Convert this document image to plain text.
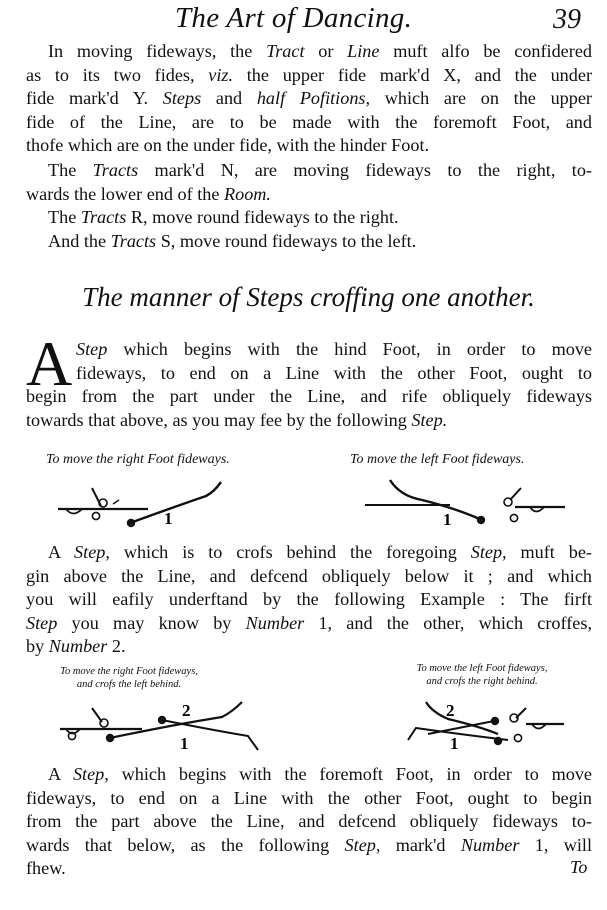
The Art of Dancing.	39

In moving fideways, the Tract or Line muft alfo be confidered
as to its two fides, viz. the upper fide mark'd X, and the under
fide mark'd Y. Steps and half Pofitions, which are on the upper
fide of the Line, are to be made with the foremoft Foot, and
thofe which are on the under fide, with the hinder Foot.

The Tracts mark'd N, are moving fideways to the right, to-
wards the lower end of the Room.

The Tracts R, move round fideways to the right.

And the Tracts S, move round fideways to the left.

The manner of Steps croffing one another.
A Step which begins with the hind Foot, in order to move
fideways, to end on a Line with the other Foot, ought to
begin from the part under the Line, and rife obliquely fideways
towards that above, as you may fee by the following Step.

To move the right Foot fideways.	To move the left Foot fideways.
1	1

A Step, which is to crofs behind the foregoing Step, muft be-
gin above the Line, and defcend obliquely below it ; and which
you will eafily underftand by the following Example : The firft
Step you may know by Number 1, and the other, which croffes,
by Number 2.

To move the right Foot fideways,
and crofs the left behind.
To move the left Foot fideways,
and crofs the right behind.
2
1
2
1

A Step, which begins with the foremoft Foot, in order to move
fideways, to end on a Line with the other Foot, ought to begin
from the part above the Line, and defcend obliquely fideways to-
wards that below, as the following Step, mark'd Number 1, will
fhew.	To
